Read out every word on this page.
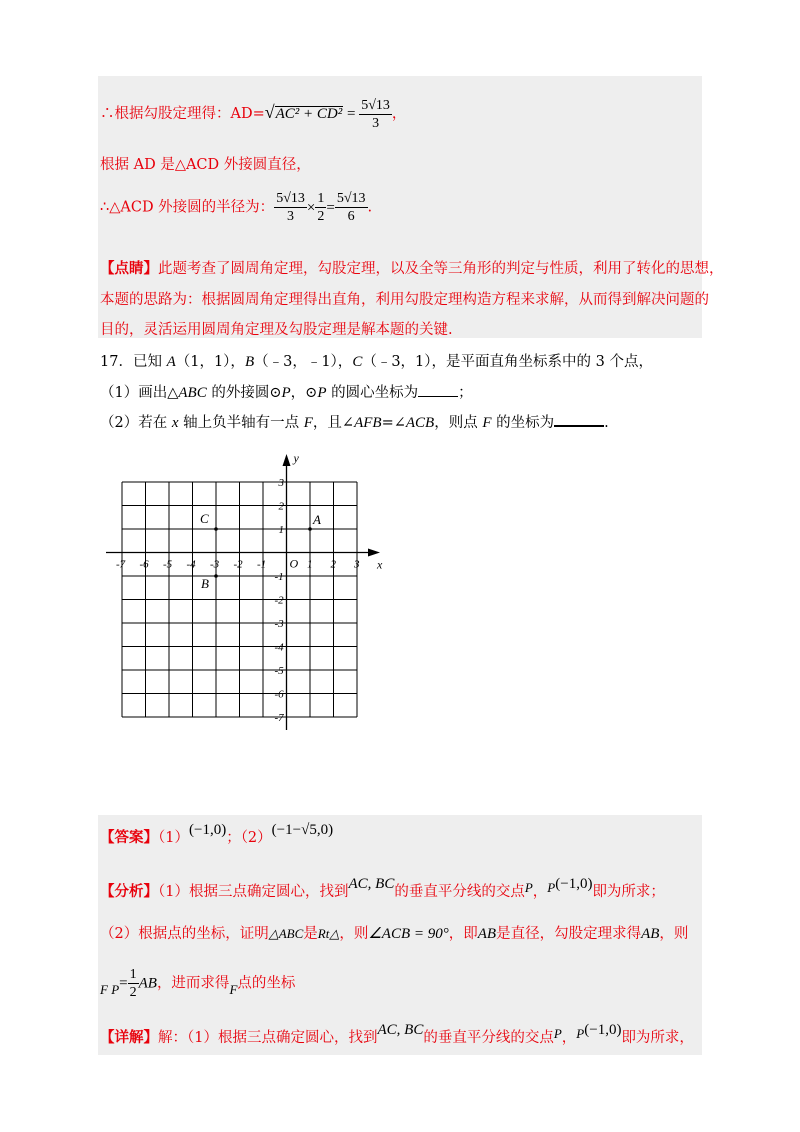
∴根据勾股定理得：$AD=√AC^2 + CD^2 = \frac{5√13}{3}$ ，
根据 AD 是△ACD 外接圆直径，
∴△ACD 外接圆的半径为： $\frac{5√13}{3} \times \frac{1}{2} = \frac{5√13}{6}$ .
【点睛】此题考查了圆周角定理，勾股定理，以及全等三角形的判定与性质，利用了转化的思想，
本题的思路为：根据圆周角定理得出直角，利用勾股定理构造方程来求解，从而得到解决问题的
目的，灵活运用圆周角定理及勾股定理是解本题的关键.
17．已知 A（1，1），B（﹣3，﹣1），C（﹣3，1），是平面直角坐标系中的 3 个点，
（1）画出△ABC 的外接圆⊙P，⊙P 的圆心坐标为	；
（2）若在 x 轴上负半轴有一点 F，且∠AFB=∠ACB，则点 F 的坐标为	.
x
y
O
-7 -6 -5 -4 -3 -2 -1	1 2 3
3
2
1
-1
-2
-3
-4
-5
-6
-7
A
B
C
【答案】（1）(−1,0)；（2）(−1−√5,0)
【分析】（1）根据三点确定圆心，找到AC, BC的垂直平分线的交点P，P(−1,0)即为所求；
（2）根据点的坐标，证明△ABC是Rt△，则∠ACB = 90°，即AB是直径，勾股定理求得AB，则
F $P= \frac{1}{2}$ AB，进而求得F点的坐标
【详解】解：（1）根据三点确定圆心，找到AC, BC的垂直平分线的交点P，P(−1,0)即为所求，
